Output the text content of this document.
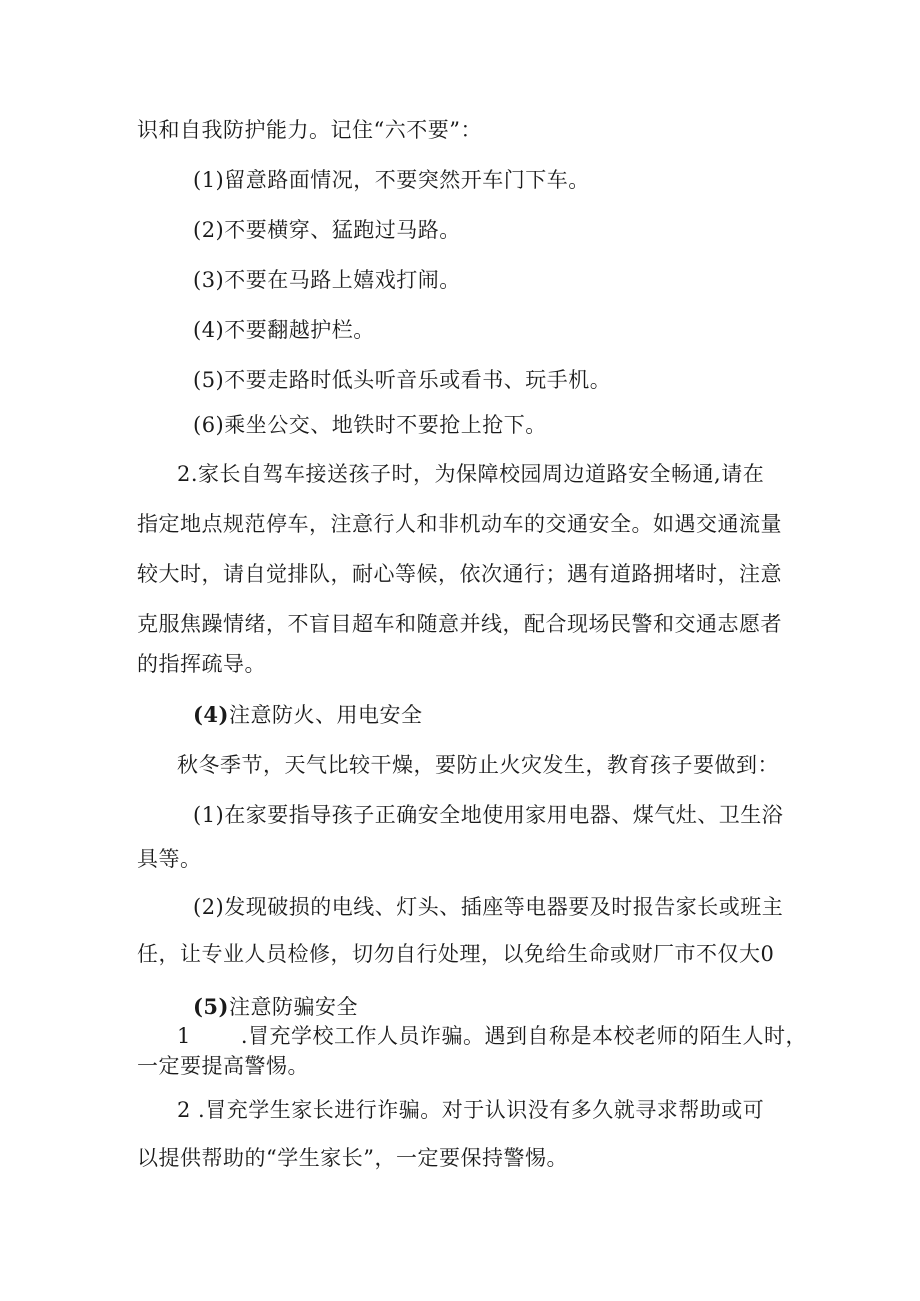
识和自我防护能力。记住“六不要”：
(1)留意路面情况，不要突然开车门下车。
(2)不要横穿、猛跑过马路。
(3)不要在马路上嬉戏打闹。
(4)不要翻越护栏。
(5)不要走路时低头听音乐或看书、玩手机。
(6)乘坐公交、地铁时不要抢上抢下。
2.家长自驾车接送孩子时，为保障校园周边道路安全畅通,请在
指定地点规范停车，注意行人和非机动车的交通安全。如遇交通流量
较大时，请自觉排队，耐心等候，依次通行；遇有道路拥堵时，注意
克服焦躁情绪，不盲目超车和随意并线，配合现场民警和交通志愿者
的指挥疏导。
(4)注意防火、用电安全
秋冬季节，天气比较干燥，要防止火灾发生，教育孩子要做到：
(1)在家要指导孩子正确安全地使用家用电器、煤气灶、卫生浴
具等。
(2)发现破损的电线、灯头、插座等电器要及时报告家长或班主
任，让专业人员检修，切勿自行处理，以免给生命或财厂市不仅大0
(5)注意防骗安全
1 .冒充学校工作人员诈骗。遇到自称是本校老师的陌生人时，
一定要提高警惕。
2 .冒充学生家长进行诈骗。对于认识没有多久就寻求帮助或可
以提供帮助的“学生家长”，一定要保持警惕。
